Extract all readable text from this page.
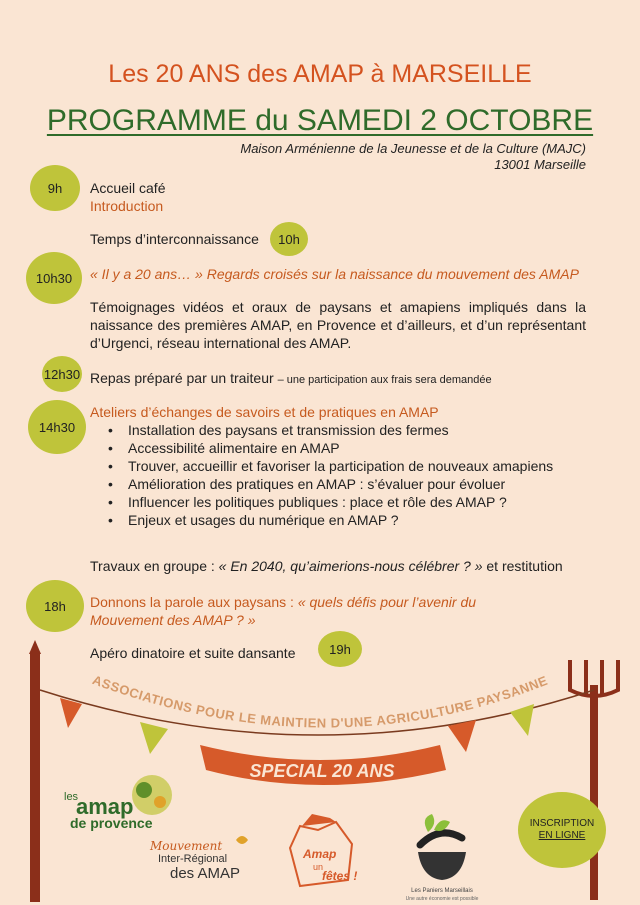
Les 20 ANS des AMAP à MARSEILLE
PROGRAMME du SAMEDI 2 OCTOBRE
Maison Arménienne de la Jeunesse et de la Culture (MAJC)
13001 Marseille
9h	Accueil café
Introduction
Temps d’interconnaissance	10h
10h30	« Il y a 20 ans… » Regards croisés sur la naissance du mouvement des AMAP
Témoignages vidéos et oraux de paysans et amapiens impliqués dans la naissance des premières AMAP, en Provence et d’ailleurs, et d’un représentant d’Urgenci, réseau international des AMAP.
12h30 Repas préparé par un traiteur – une participation aux frais sera demandée
14h30
Ateliers d’échanges de savoirs et de pratiques en AMAP
• Installation des paysans et transmission des fermes
• Accessibilité alimentaire en AMAP
• Trouver, accueillir et favoriser la participation de nouveaux amapiens
• Amélioration des pratiques en AMAP : s’évaluer pour évoluer
• Influencer les politiques publiques : place et rôle des AMAP ?
• Enjeux et usages du numérique en AMAP ?
Travaux en groupe : « En 2040, qu’aimerions-nous célébrer ? » et restitution
18h	Donnons la parole aux paysans : « quels défis pour l’avenir du Mouvement des AMAP ? »
Apéro dinatoire et suite dansante	19h
ASSOCIATIONS POUR LE MAINTIEN D'UNE AGRICULTURE PAYSANNE
SPECIAL 20 ANS
les
amap
de provence
Mouvement
Inter-Régional
des AMAP
Amap
un
fêtes !
Les Paniers Marseillais
Une autre économie est possible
INSCRIPTION
EN LIGNE
